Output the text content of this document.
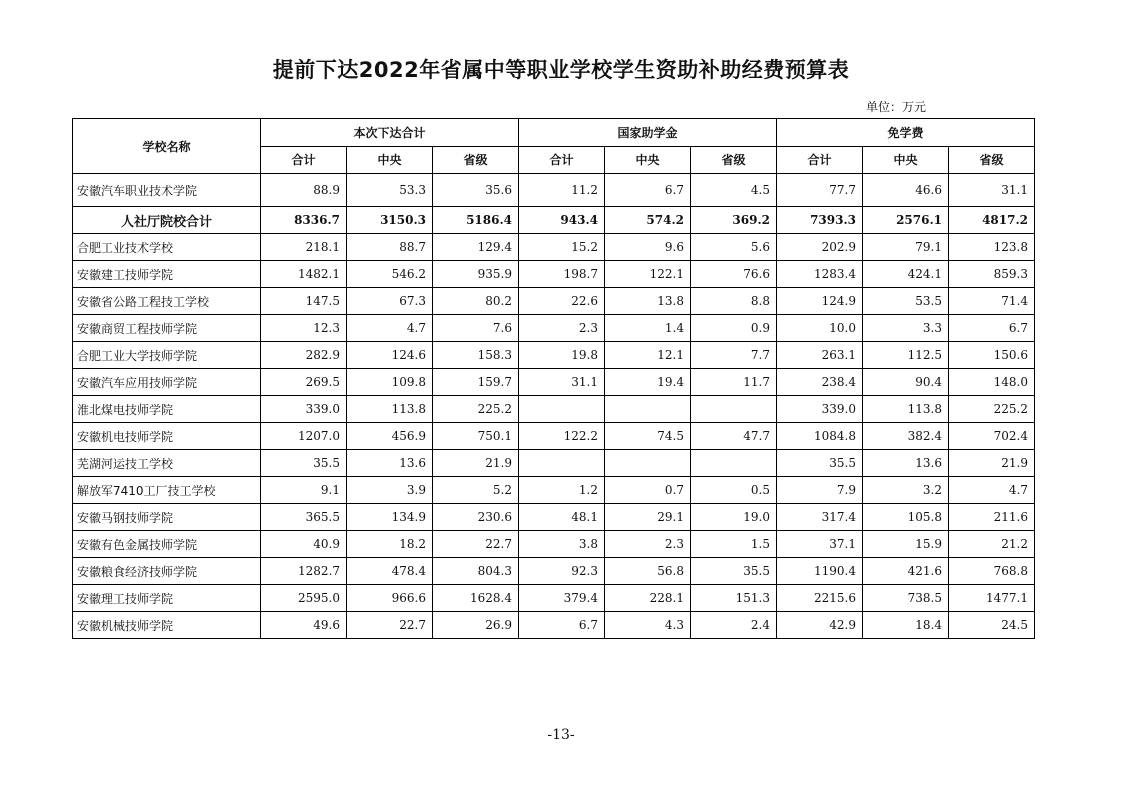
提前下达2022年省属中等职业学校学生资助补助经费预算表
单位：万元
学校名称	本次下达合计			国家助学金			免学费		
	合计	中央	省级	合计	中央	省级	合计	中央	省级
安徽汽车职业技术学院	88.9	53.3	35.6	11.2	6.7	4.5	77.7	46.6	31.1
人社厅院校合计	8336.7	3150.3	5186.4	943.4	574.2	369.2	7393.3	2576.1	4817.2
合肥工业技术学校	218.1	88.7	129.4	15.2	9.6	5.6	202.9	79.1	123.8
安徽建工技师学院	1482.1	546.2	935.9	198.7	122.1	76.6	1283.4	424.1	859.3
安徽省公路工程技工学校	147.5	67.3	80.2	22.6	13.8	8.8	124.9	53.5	71.4
安徽商贸工程技师学院	12.3	4.7	7.6	2.3	1.4	0.9	10.0	3.3	6.7
合肥工业大学技师学院	282.9	124.6	158.3	19.8	12.1	7.7	263.1	112.5	150.6
安徽汽车应用技师学院	269.5	109.8	159.7	31.1	19.4	11.7	238.4	90.4	148.0
淮北煤电技师学院	339.0	113.8	225.2				339.0	113.8	225.2
安徽机电技师学院	1207.0	456.9	750.1	122.2	74.5	47.7	1084.8	382.4	702.4
芜湖河运技工学校	35.5	13.6	21.9				35.5	13.6	21.9
解放军7410工厂技工学校	9.1	3.9	5.2	1.2	0.7	0.5	7.9	3.2	4.7
安徽马钢技师学院	365.5	134.9	230.6	48.1	29.1	19.0	317.4	105.8	211.6
安徽有色金属技师学院	40.9	18.2	22.7	3.8	2.3	1.5	37.1	15.9	21.2
安徽粮食经济技师学院	1282.7	478.4	804.3	92.3	56.8	35.5	1190.4	421.6	768.8
安徽理工技师学院	2595.0	966.6	1628.4	379.4	228.1	151.3	2215.6	738.5	1477.1
安徽机械技师学院	49.6	22.7	26.9	6.7	4.3	2.4	42.9	18.4	24.5
-13-
